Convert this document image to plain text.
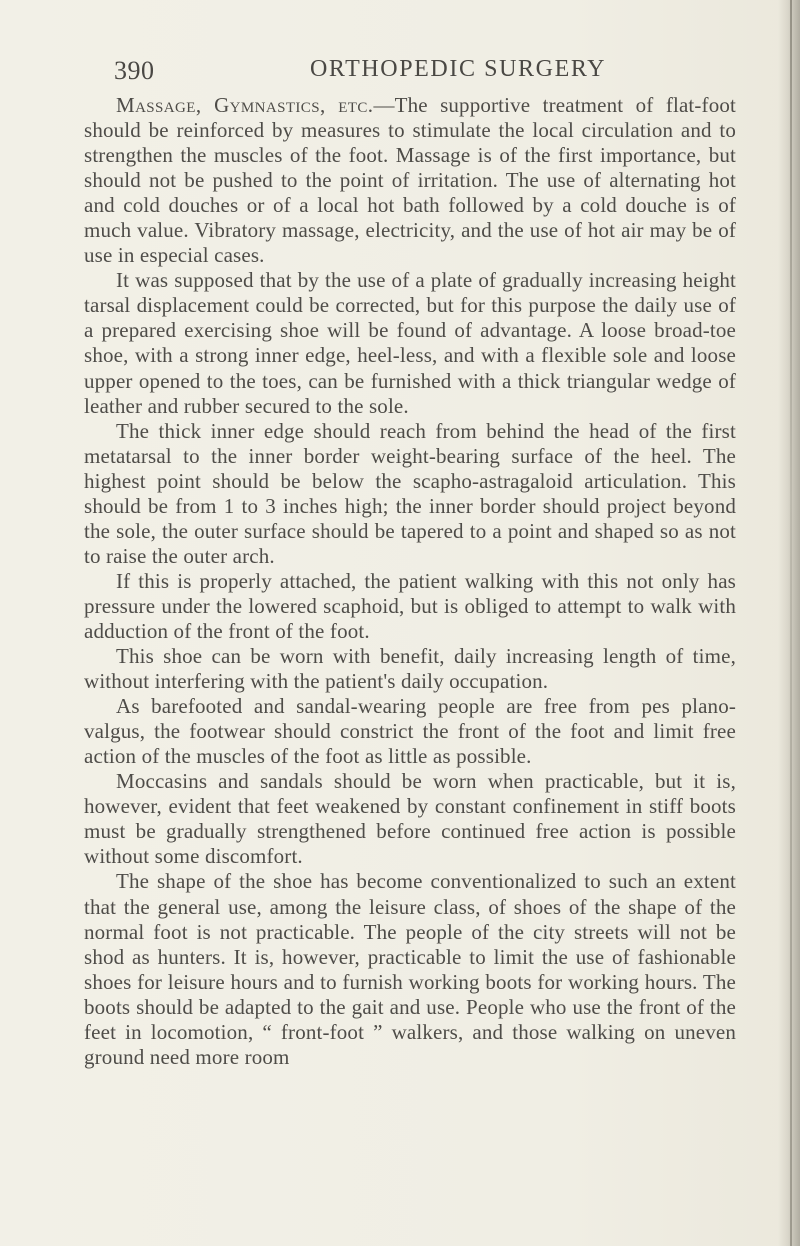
390	ORTHOPEDIC SURGERY

Massage, Gymnastics, etc.—The supportive treatment of flat-foot should be reinforced by measures to stimulate the local circulation and to strengthen the muscles of the foot. Massage is of the first importance, but should not be pushed to the point of irritation. The use of alternating hot and cold douches or of a local hot bath followed by a cold douche is of much value. Vibratory massage, electricity, and the use of hot air may be of use in especial cases.

It was supposed that by the use of a plate of gradually increasing height tarsal displacement could be corrected, but for this purpose the daily use of a prepared exercising shoe will be found of advantage. A loose broad-toe shoe, with a strong inner edge, heel-less, and with a flexible sole and loose upper opened to the toes, can be furnished with a thick triangular wedge of leather and rubber secured to the sole.

The thick inner edge should reach from behind the head of the first metatarsal to the inner border weight-bearing surface of the heel. The highest point should be below the scapho-astragaloid articulation. This should be from 1 to 3 inches high; the inner border should project beyond the sole, the outer surface should be tapered to a point and shaped so as not to raise the outer arch.

If this is properly attached, the patient walking with this not only has pressure under the lowered scaphoid, but is obliged to attempt to walk with adduction of the front of the foot.

This shoe can be worn with benefit, daily increasing length of time, without interfering with the patient's daily occupation.

As barefooted and sandal-wearing people are free from pes plano-valgus, the footwear should constrict the front of the foot and limit free action of the muscles of the foot as little as possible.

Moccasins and sandals should be worn when practicable, but it is, however, evident that feet weakened by constant confinement in stiff boots must be gradually strengthened before continued free action is possible without some discomfort.

The shape of the shoe has become conventionalized to such an extent that the general use, among the leisure class, of shoes of the shape of the normal foot is not practicable. The people of the city streets will not be shod as hunters. It is, however, practicable to limit the use of fashionable shoes for leisure hours and to furnish working boots for working hours. The boots should be adapted to the gait and use. People who use the front of the feet in locomotion, “ front-foot ” walkers, and those walking on uneven ground need more room
